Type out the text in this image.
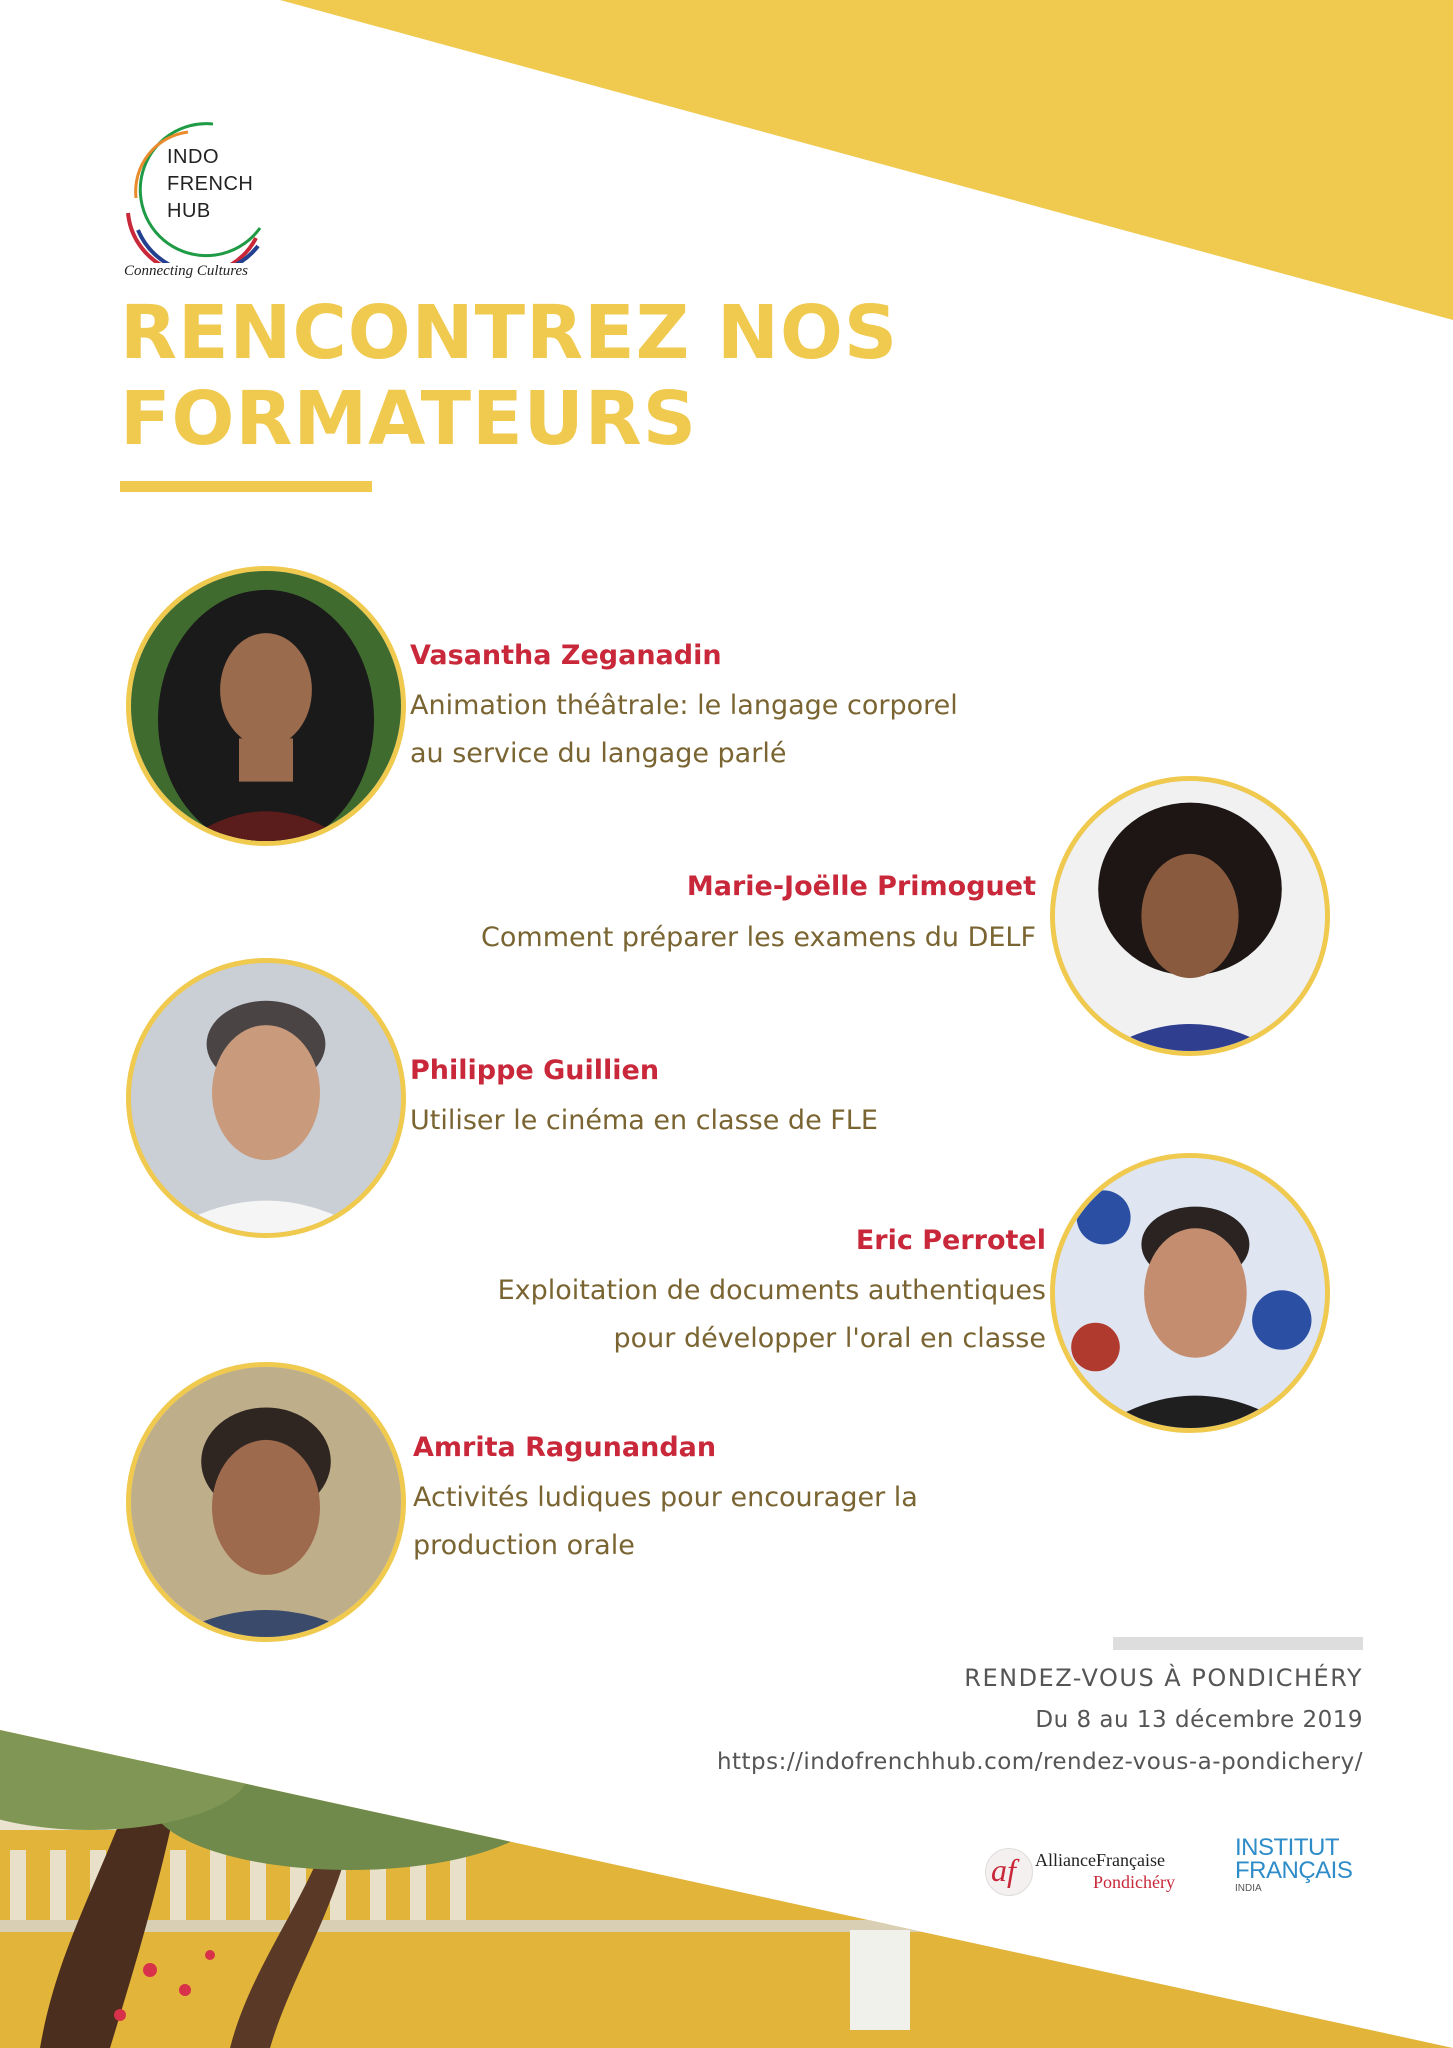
INDO
FRENCH
HUB
Connecting Cultures
RENCONTREZ NOS
FORMATEURS
Vasantha Zeganadin
Animation théâtrale: le langage corporel
au service du langage parlé
Marie-Joëlle Primoguet
Comment préparer les examens du DELF
Philippe Guillien
Utiliser le cinéma en classe de FLE
Eric Perrotel
Exploitation de documents authentiques
pour développer l'oral en classe
Amrita Ragunandan
Activités ludiques pour encourager la
production orale
RENDEZ-VOUS À PONDICHÉRY
Du 8 au 13 décembre 2019
https://indofrenchhub.com/rendez-vous-a-pondichery/
af AllianceFrançaise
Pondichéry
INSTITUT
FRANÇAIS
INDIA
